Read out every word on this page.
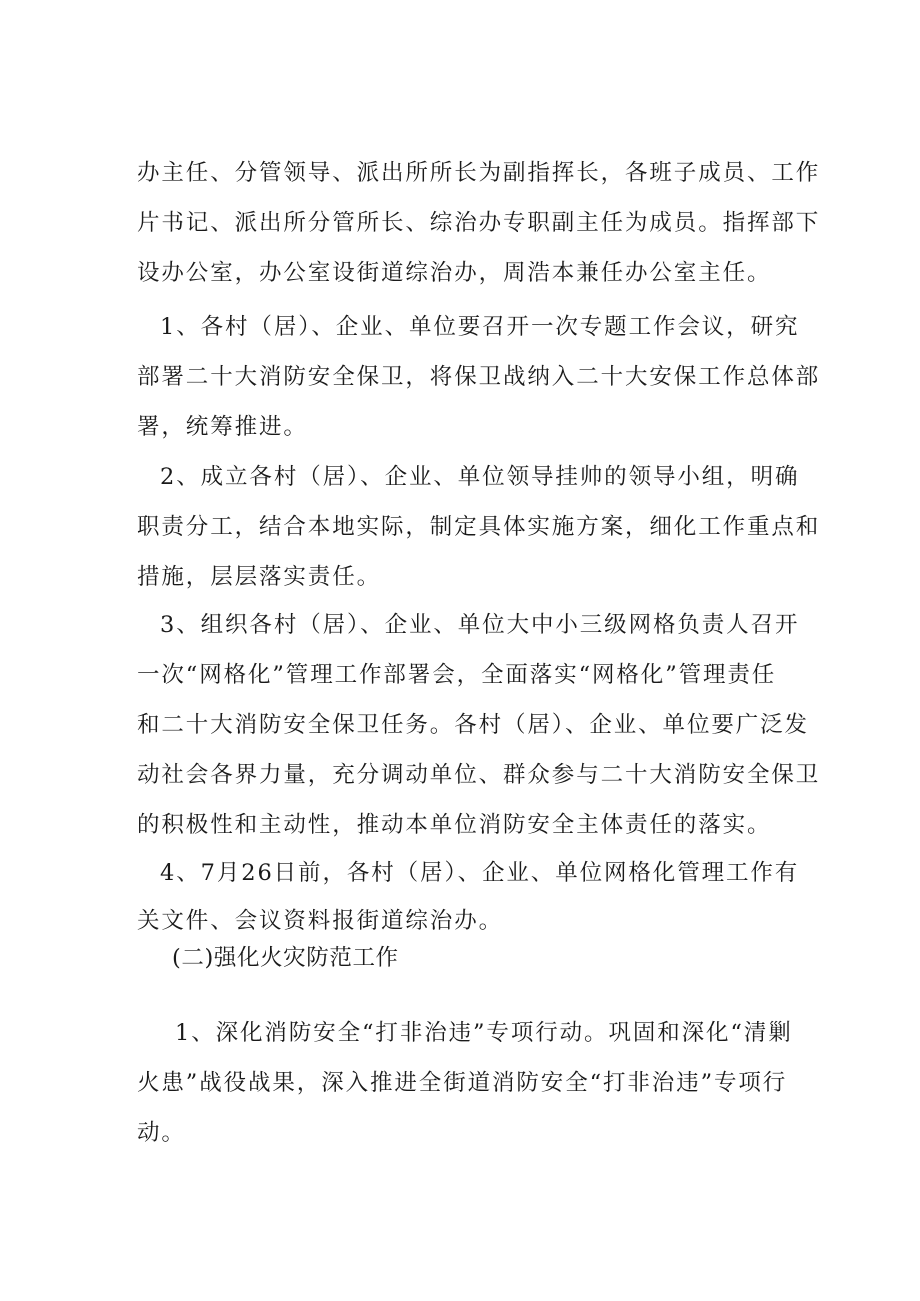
办主任、分管领导、派出所所长为副指挥长，各班子成员、工作
片书记、派出所分管所长、综治办专职副主任为成员。指挥部下
设办公室，办公室设街道综治办，周浩本兼任办公室主任。
1、各村（居）、企业、单位要召开一次专题工作会议，研究
部署二十大消防安全保卫，将保卫战纳入二十大安保工作总体部
署，统筹推进。
2、成立各村（居）、企业、单位领导挂帅的领导小组，明确
职责分工，结合本地实际，制定具体实施方案，细化工作重点和
措施，层层落实责任。
3、组织各村（居）、企业、单位大中小三级网格负责人召开
一次“网格化”管理工作部署会，全面落实“网格化”管理责任
和二十大消防安全保卫任务。各村（居）、企业、单位要广泛发
动社会各界力量，充分调动单位、群众参与二十大消防安全保卫
的积极性和主动性，推动本单位消防安全主体责任的落实。
4、7月26日前，各村（居）、企业、单位网格化管理工作有
关文件、会议资料报街道综治办。
(二)强化火灾防范工作
1、深化消防安全“打非治违”专项行动。巩固和深化“清剿
火患”战役战果，深入推进全街道消防安全“打非治违”专项行
动。
